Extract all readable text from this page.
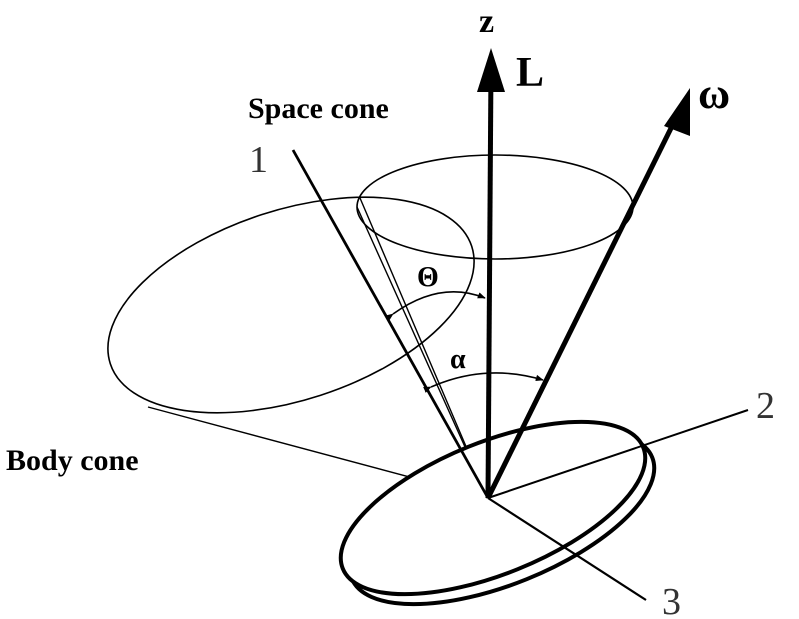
z
L	ω
Space cone
Body cone
Θ
α
1
2
3
